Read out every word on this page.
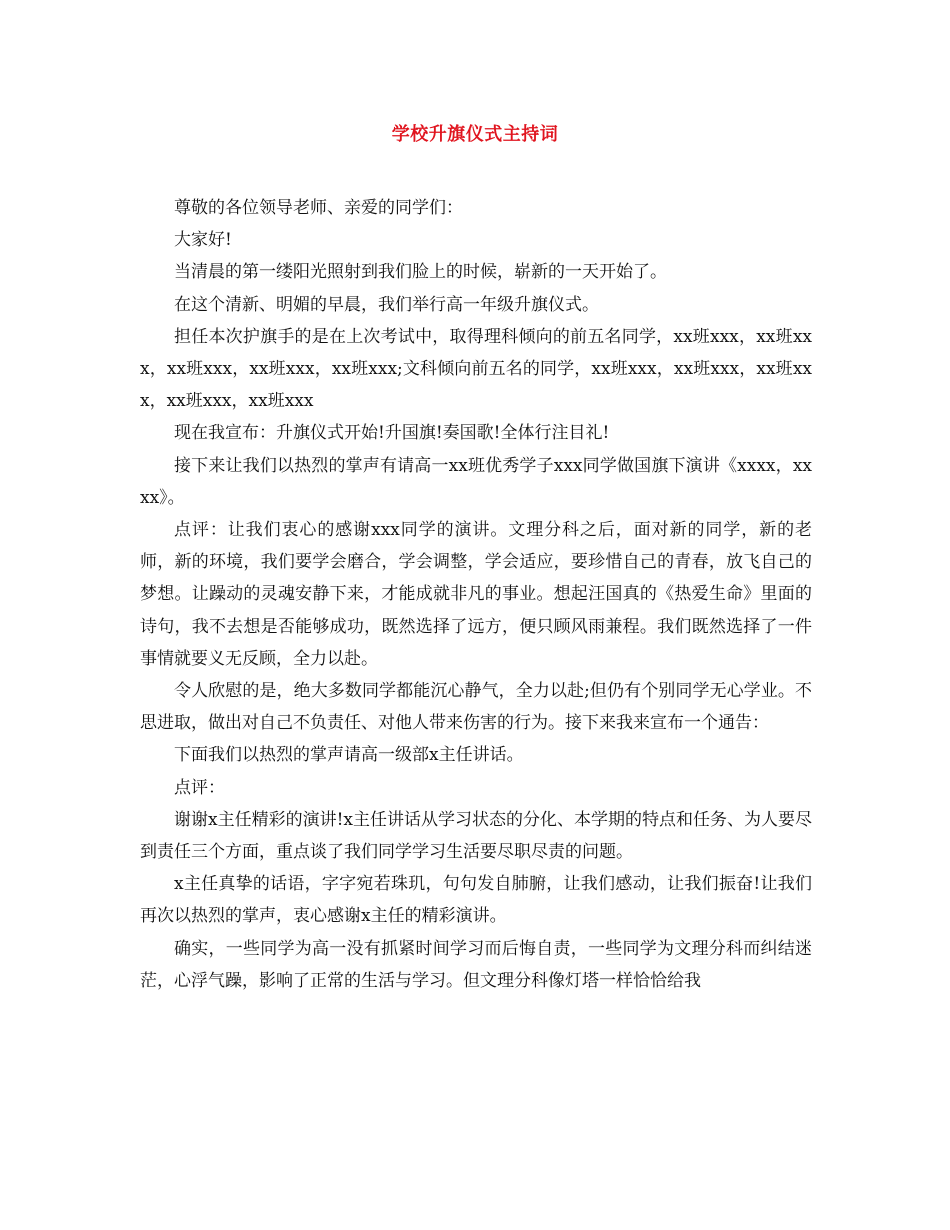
学校升旗仪式主持词

尊敬的各位领导老师、亲爱的同学们：

大家好!

当清晨的第一缕阳光照射到我们脸上的时候，崭新的一天开始了。

在这个清新、明媚的早晨，我们举行高一年级升旗仪式。

担任本次护旗手的是在上次考试中，取得理科倾向的前五名同学，xx班xxx，xx班xxx，xx班xxx，xx班xxx，xx班xxx;文科倾向前五名的同学，xx班xxx，xx班xxx，xx班xxx，xx班xxx，xx班xxx

现在我宣布：升旗仪式开始!升国旗!奏国歌!全体行注目礼!

接下来让我们以热烈的掌声有请高一xx班优秀学子xxx同学做国旗下演讲《xxxx，xxxx》。

点评：让我们衷心的感谢xxx同学的演讲。文理分科之后，面对新的同学，新的老师，新的环境，我们要学会磨合，学会调整，学会适应，要珍惜自己的青春，放飞自己的梦想。让躁动的灵魂安静下来，才能成就非凡的事业。想起汪国真的《热爱生命》里面的诗句，我不去想是否能够成功，既然选择了远方，便只顾风雨兼程。我们既然选择了一件事情就要义无反顾，全力以赴。

令人欣慰的是，绝大多数同学都能沉心静气，全力以赴;但仍有个别同学无心学业。不思进取，做出对自己不负责任、对他人带来伤害的行为。接下来我来宣布一个通告：

下面我们以热烈的掌声请高一级部x主任讲话。

点评：

谢谢x主任精彩的演讲!x主任讲话从学习状态的分化、本学期的特点和任务、为人要尽到责任三个方面，重点谈了我们同学学习生活要尽职尽责的问题。

x主任真挚的话语，字字宛若珠玑，句句发自肺腑，让我们感动，让我们振奋!让我们再次以热烈的掌声，衷心感谢x主任的精彩演讲。

确实，一些同学为高一没有抓紧时间学习而后悔自责，一些同学为文理分科而纠结迷茫，心浮气躁，影响了正常的生活与学习。但文理分科像灯塔一样恰恰给我
